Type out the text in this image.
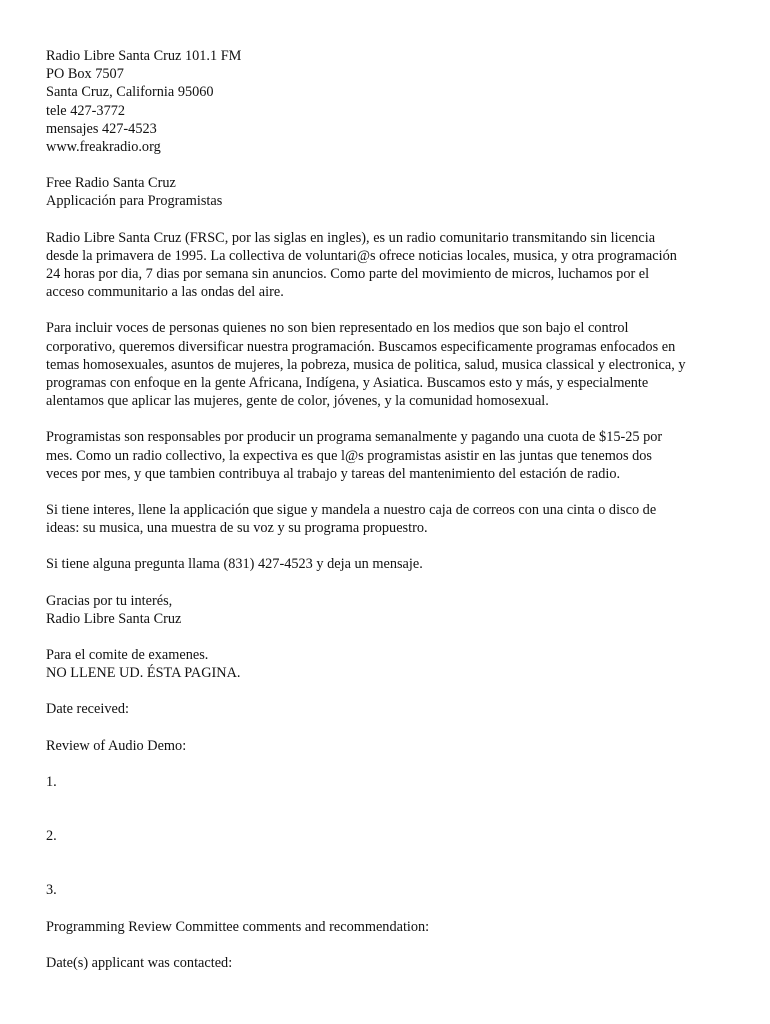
Radio Libre Santa Cruz 101.1 FM
PO Box 7507
Santa Cruz, California 95060
tele 427-3772
mensajes 427-4523
www.freakradio.org
Free Radio Santa Cruz
Applicación para Programistas
Radio Libre Santa Cruz (FRSC, por las siglas en ingles), es un radio comunitario transmitando sin licencia
desde la primavera de 1995. La collectiva de voluntari@s ofrece noticias locales, musica, y otra programación
24 horas por dia, 7 dias por semana sin anuncios. Como parte del movimiento de micros, luchamos por el
acceso communitario a las ondas del aire.
Para incluir voces de personas quienes no son bien representado en los medios que son bajo el control
corporativo, queremos diversificar nuestra programación. Buscamos especificamente programas enfocados en
temas homosexuales, asuntos de mujeres, la pobreza, musica de politica, salud, musica classical y electronica, y
programas con enfoque en la gente Africana, Indígena, y Asiatica. Buscamos esto y más, y especialmente
alentamos que aplicar las mujeres, gente de color, jóvenes, y la comunidad homosexual.
Programistas son responsables por producir un programa semanalmente y pagando una cuota de $15-25 por
mes. Como un radio collectivo, la expectiva es que l@s programistas asistir en las juntas que tenemos dos
veces por mes, y que tambien contribuya al trabajo y tareas del mantenimiento del estación de radio.
Si tiene interes, llene la applicación que sigue y mandela a nuestro caja de correos con una cinta o disco de
ideas: su musica, una muestra de su voz y su programa propuestro.
Si tiene alguna pregunta llama (831) 427-4523 y deja un mensaje.
Gracias por tu interés,
Radio Libre Santa Cruz
Para el comite de examenes.
NO LLENE UD. ÉSTA PAGINA.
Date received:
Review of Audio Demo:
1.
2.
3.
Programming Review Committee comments and recommendation:
Date(s) applicant was contacted:
